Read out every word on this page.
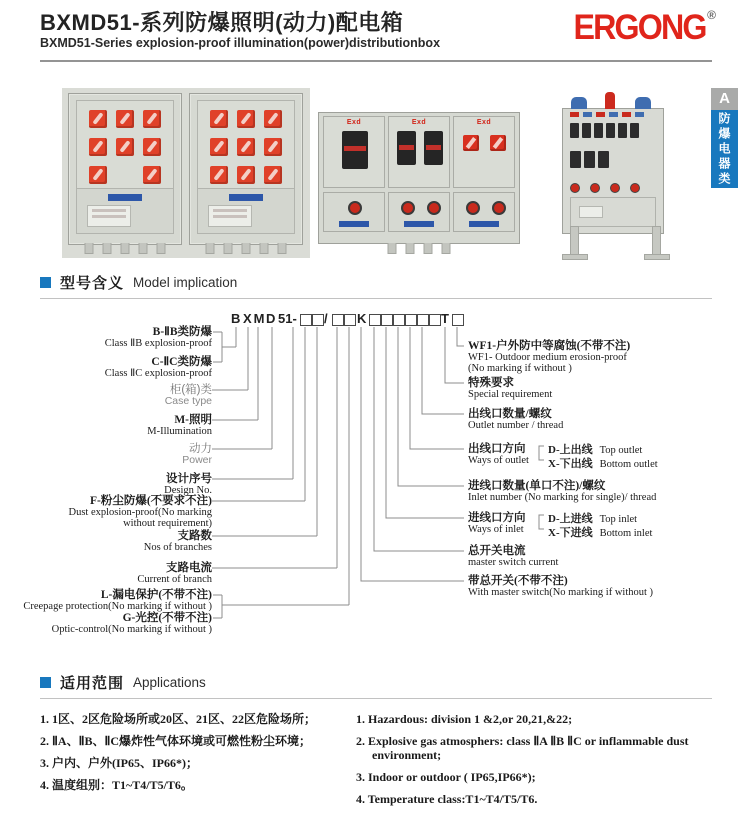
BXMD51-系列防爆照明(动力)配电箱
BXMD51-Series explosion-proof illumination(power)distributionbox	ERGONG ®
A
防爆电器类
Exd	Exd	Exd
型号含义 Model implication
B XM D 51- / K	T
B-ⅡB类防爆
Class ⅡB explosion-proof
C-ⅡC类防爆
Class ⅡC explosion-proof
柜(箱)类
Case type
M-照明
M-Illumination
动力
Power
设计序号
Design No.
F-粉尘防爆(不要求不注)
Dust explosion-proof(No marking
without requirement)
支路数
Nos of branches
支路电流
Current of branch
L-漏电保护(不带不注)
Creepage protection(No marking if without )
G-光控(不带不注)
Optic-control(No marking if without )
WF1-户外防中等腐蚀(不带不注)
WF1- Outdoor medium erosion-proof
(No marking if without )
特殊要求
Special requirement
出线口数量/螺纹
Outlet number / thread
出线口方向
Ways of outlet
D-上出线 Top outlet
X-下出线 Bottom outlet
进线口数量(单口不注)/螺纹
Inlet number (No marking for single)/ thread
进线口方向
Ways of inlet
D-上进线 Top inlet
X-下进线 Bottom inlet
总开关电流
master switch current
带总开关(不带不注)
With master switch(No marking if without )
适用范围 Applications
1. 1区、2区危险场所或20区、21区、22区危险场所；
2. ⅡA、ⅡB、ⅡC爆炸性气体环境或可燃性粉尘环境；
3. 户内、户外(IP65、IP66*)；
4. 温度组别：T1~T4/T5/T6。
1. Hazardous: division 1 &2,or 20,21,&22;
2. Explosive gas atmosphers: class ⅡA ⅡB ⅡC or inflammable dust environment;
3. Indoor or outdoor ( IP65,IP66*);
4. Temperature class:T1~T4/T5/T6.
